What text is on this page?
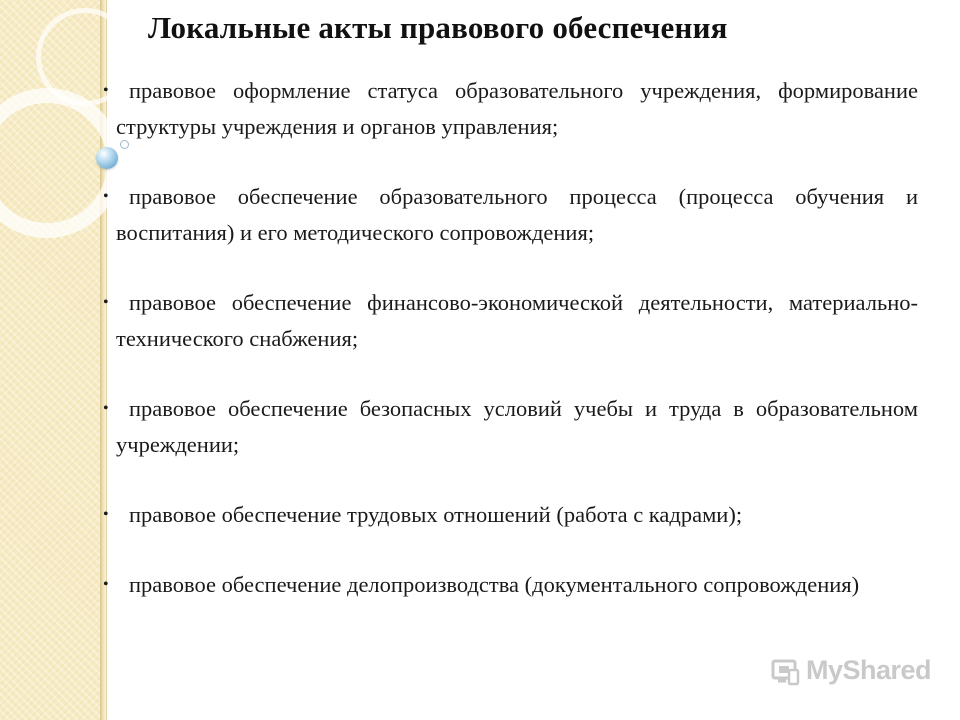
Локальные акты правового обеспечения
• правовое оформление статуса образовательного учреждения, формирование структуры учреждения и органов управления;
• правовое обеспечение образовательного процесса (процесса обучения и воспитания) и его методического сопровождения;
• правовое обеспечение финансово-экономической деятельности, материально-технического снабжения;
• правовое обеспечение безопасных условий учебы и труда в образовательном учреждении;
• правовое обеспечение трудовых отношений (работа с кадрами);
• правовое обеспечение делопроизводства (документального сопровождения)
MyShared
